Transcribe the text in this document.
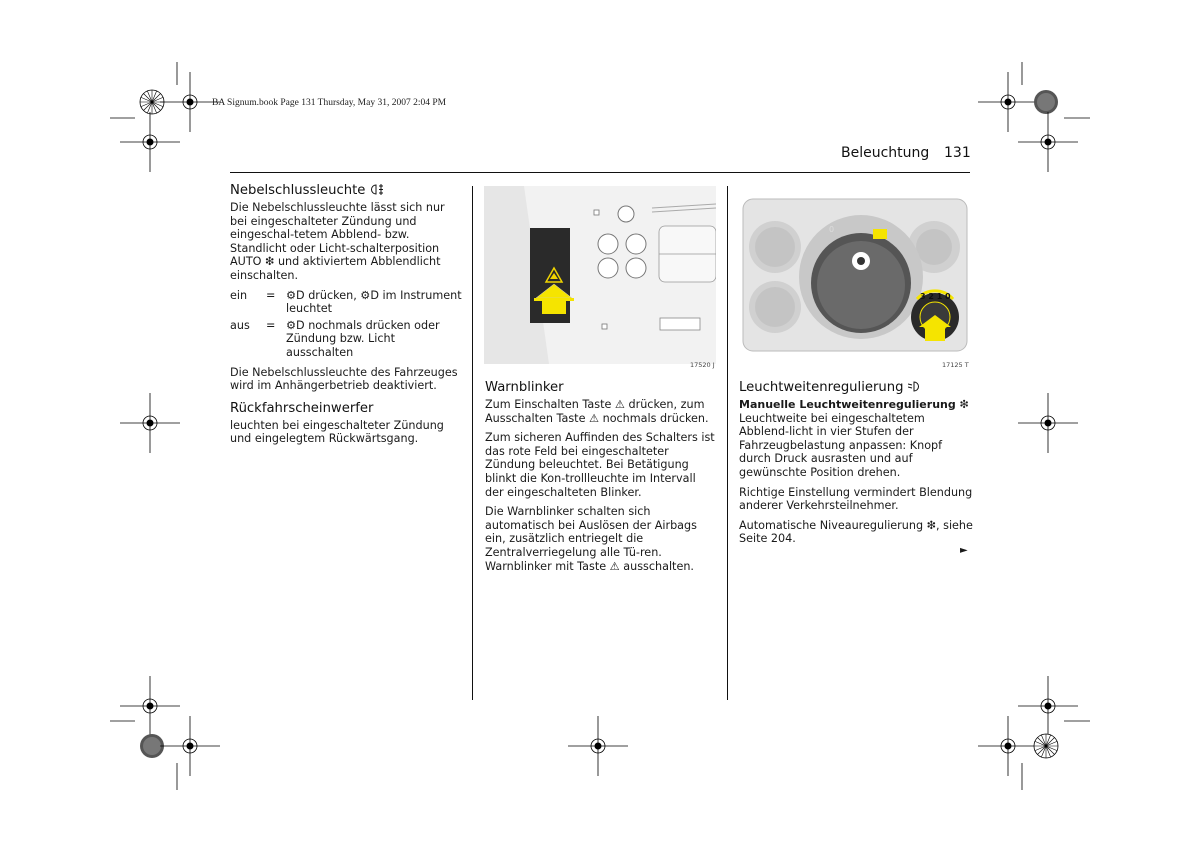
BA Signum.book Page 131 Thursday, May 31, 2007 2:04 PM
Beleuchtung 131
Nebelschlussleuchte

Die Nebelschlussleuchte lässt sich nur bei eingeschalteter Zündung und eingeschal-tetem Abblend- bzw. Standlicht oder Licht-schalterposition AUTO ❇ und aktiviertem Abblendlicht einschalten.

ein	= ⚙D drücken, ⚙D im Instrument leuchtet
aus	= ⚙D nochmals drücken oder Zündung bzw. Licht ausschalten

Die Nebelschlussleuchte des Fahrzeuges wird im Anhängerbetrieb deaktiviert.

Rückfahrscheinwerfer

leuchten bei eingeschalteter Zündung und eingelegtem Rückwärtsgang.

17520 J
Warnblinker

Zum Einschalten Taste ⚠ drücken, zum Ausschalten Taste ⚠ nochmals drücken.

Zum sicheren Auffinden des Schalters ist das rote Feld bei eingeschalteter Zündung beleuchtet. Bei Betätigung blinkt die Kon-trollleuchte im Intervall der eingeschalteten Blinker.

Die Warnblinker schalten sich automatisch bei Auslösen der Airbags ein, zusätzlich entriegelt die Zentralverriegelung alle Tü-ren. Warnblinker mit Taste ⚠ ausschalten.

0
3 2 1 0
17125 T
Leuchtweitenregulierung
Manuelle Leuchtweitenregulierung ❇

Leuchtweite bei eingeschaltetem Abblend-licht in vier Stufen der Fahrzeugbelastung anpassen: Knopf durch Druck ausrasten und auf gewünschte Position drehen.

Richtige Einstellung vermindert Blendung anderer Verkehrsteilnehmer.

Automatische Niveauregulierung ❇, siehe Seite 204.

►
